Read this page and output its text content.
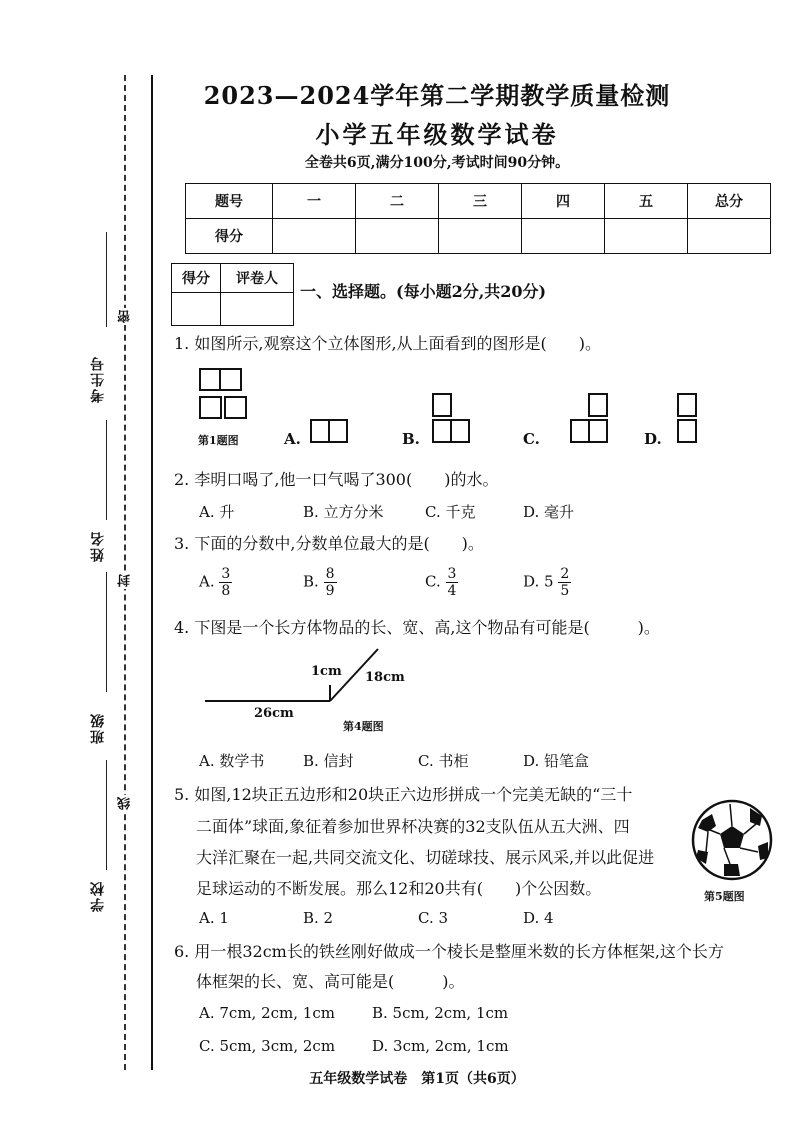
考生号
姓名
班级
学校
密
封
线
2023—2024学年第二学期教学质量检测
小学五年级数学试卷
全卷共6页,满分100分,考试时间90分钟。
题号	一	二	三	四	五	总分
得分						
得分	评卷人

一、选择题。(每小题2分,共20分)
1. 如图所示,观察这个立体图形,从上面看到的图形是(　　)。
第1题图	A.	B.	C.	D.
2. 李明口喝了,他一口气喝了300(　　)的水。
A. 升	B. 立方分米	C. 千克	D. 毫升
3. 下面的分数中,分数单位最大的是(　　)。
A. $\frac{3}{8}$	B. $\frac{8}{9}$	C. $\frac{3}{4}$	D. $5 \frac{2}{5}$
4. 下图是一个长方体物品的长、宽、高,这个物品有可能是(　　　)。
1cm 18cm
26cm
第4题图
A. 数学书	B. 信封	C. 书柜	D. 铅笔盒
5. 如图,12块正五边形和20块正六边形拼成一个完美无缺的“三十
二面体”球面,象征着参加世界杯决赛的32支队伍从五大洲、四
大洋汇聚在一起,共同交流文化、切磋球技、展示风采,并以此促进
足球运动的不断发展。那么12和20共有(　　)个公因数。	第5题图
A. 1	B. 2	C. 3	D. 4
6. 用一根32cm长的铁丝刚好做成一个棱长是整厘米数的长方体框架,这个长方
体框架的长、宽、高可能是(　　　)。
A. 7cm, 2cm, 1cm B. 5cm, 2cm, 1cm
C. 5cm, 3cm, 2cm D. 3cm, 2cm, 1cm
五年级数学试卷　第1页（共6页）
